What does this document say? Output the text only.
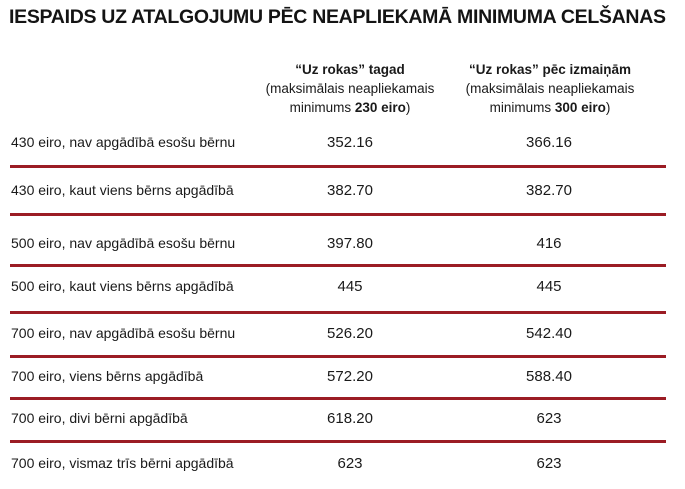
IESPAIDS UZ ATALGOJUMU PĒC NEAPLIEKAMĀ MINIMUMA CELŠANAS
“Uz rokas” tagad
(maksimālais neapliekamais
minimums 230 eiro)
“Uz rokas” pēc izmaiņām
(maksimālais neapliekamais
minimums 300 eiro)
430 eiro, nav apgādībā esošu bērnu	352.16	366.16
430 eiro, kaut viens bērns apgādībā	382.70	382.70
500 eiro, nav apgādībā esošu bērnu	397.80	416
500 eiro, kaut viens bērns apgādībā	445	445
700 eiro, nav apgādībā esošu bērnu	526.20	542.40
700 eiro, viens bērns apgādībā	572.20	588.40
700 eiro, divi bērni apgādībā	618.20	623
700 eiro, vismaz trīs bērni apgādībā	623	623
